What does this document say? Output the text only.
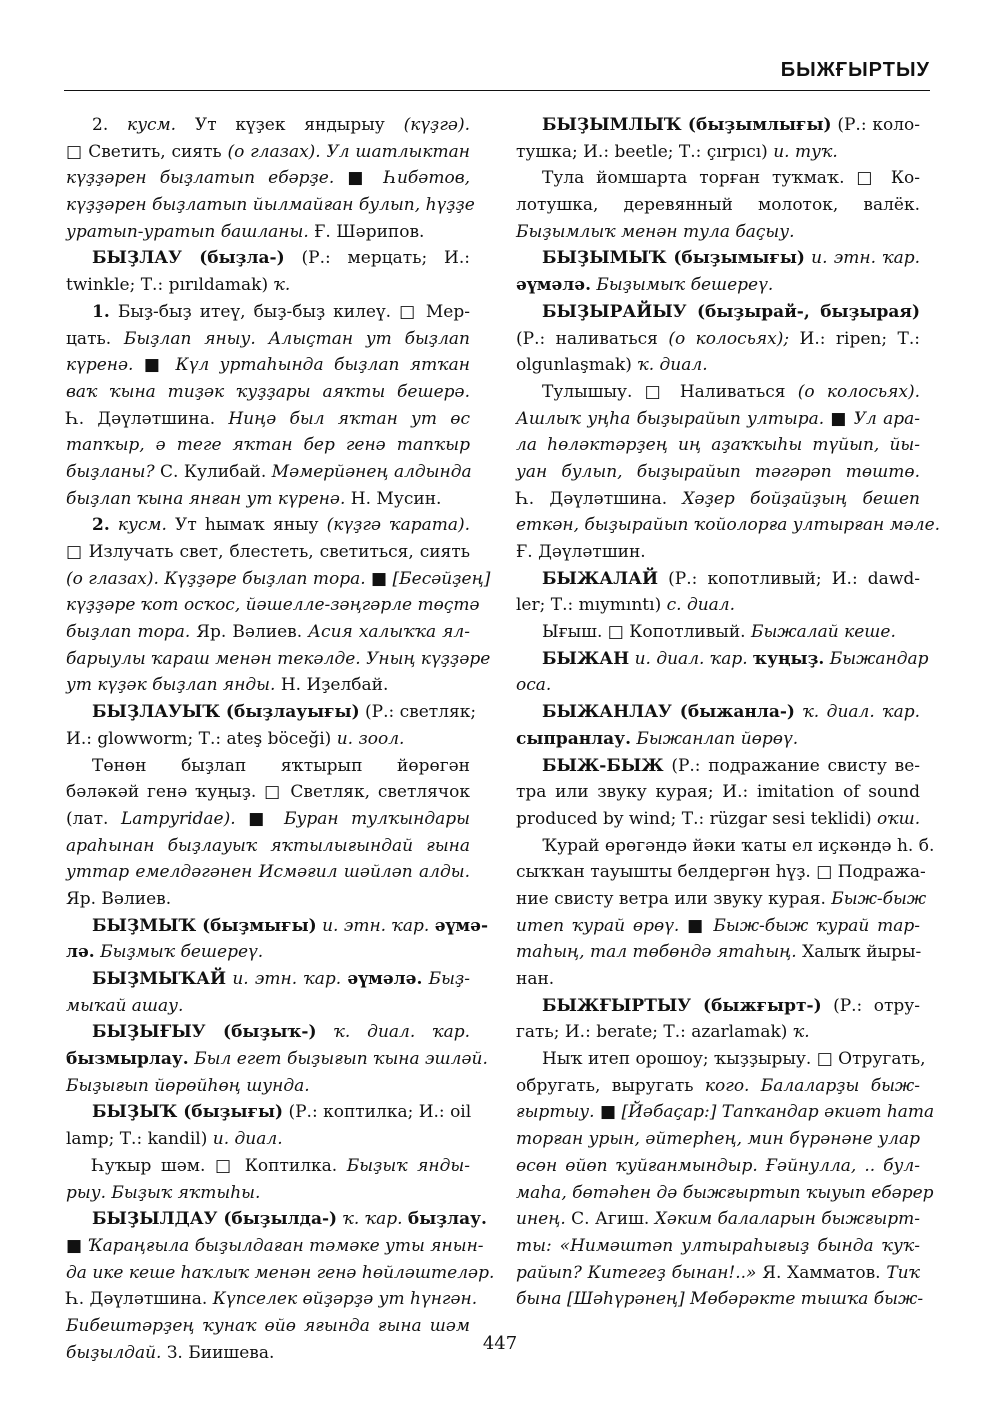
БЫЖҒЫРТЫУ
2. кусм. Ут күҙек яндырыу (күҙгә).
□ Светить, сиять (о глазах). Ул шатлыктан
күҙҙәрен быҙлатып ебәрҙе. ■ Һибәтов,
күҙҙәрен быҙлатып йылмайған булып, һүҙҙе
уратып-уратып башланы. Ғ. Шәрипов.
БЫҘЛАУ (быҙла-) (Р.: мерцать; И.:
twinkle; Т.: pırıldamak) ҡ.
1. Быҙ-быҙ итеү, быҙ-быҙ килеү. □ Мер-
цать. Быҙлап яныу. Алыҫтан ут быҙлап
күренә. ■ Күл уртаһында быҙлап ятҡан
ваҡ ҡына тиҙәк ҡуҙҙары аяҡты бешерә.
Һ. Дәүләтшина. Ниңә был яҡтан ут өс
тапҡыр, ә теге яҡтан бер генә тапҡыр
быҙланы? С. Кулибай. Мәмерйәнең алдында
быҙлап ҡына янған ут күренә. Н. Мусин.
2. кусм. Ут һымаҡ яныу (күҙгә ҡарата).
□ Излучать свет, блестеть, светиться, сиять
(о глазах). Күҙҙәре быҙлап тора. ■ [Бесәйҙең]
күҙҙәре ҡот осҡос, йәшелле-зәңгәрле төҫтә
быҙлап тора. Яр. Вәлиев. Асия халыҡҡа ял-
барыулы ҡараш менән текәлде. Уның күҙҙәре
ут күҙәк быҙлап янды. Н. Иҙелбай.
БЫҘЛАУЫҠ (быҙлауығы) (Р.: светляк;
И.: glowworm; Т.: ateş böceği) и. зоол.
Төнөн быҙлап яҡтырып йөрөгән
бәләкәй генә ҡуңыҙ. □ Светляк, светлячок
(лат. Lampyridae). ■ Буран тулҡындары
араһынан быҙлауыҡ яҡтылығындай ғына
уттар емелдәгәнен Исмәғил шәйләп алды.
Яр. Вәлиев.
БЫҘМЫҠ (быҙмығы) и. этн. ҡар. әүмә-
лә. Быҙмыҡ бешереү.
БЫҘМЫҠАЙ и. этн. ҡар. әүмәлә. Быҙ-
мыҡай ашау.
БЫҘЫҒЫУ (быҙыҡ-) ҡ. диал. ҡар.
бызмырлау. Был егет быҙығып ҡына эшләй.
Быҙығып йөрөйһөң шунда.
БЫҘЫҠ (быҙығы) (Р.: коптилка; И.: oil
lamp; Т.: kandil) и. диал.
Һуҡыр шәм. □ Коптилка. Быҙыҡ янды-
рыу. Быҙыҡ яҡтыһы.
БЫҘЫЛДАУ (быҙылда-) ҡ. ҡар. быҙлау.
■ Ҡараңғыла быҙылдаған тәмәке уты янын-
да ике кеше һаҡлыҡ менән генә һөйләштеләр.
Һ. Дәүләтшина. Күпселек өйҙәрҙә ут һүнгән.
Бибештәрҙең ҡунаҡ өйө яғында ғына шәм
быҙылдай. З. Биишева.
БЫҘЫМЛЫҠ (быҙымлығы) (Р.: коло-
тушка; И.: beetle; Т.: çırpıcı) и. туҡ.
Тула йомшарта торған туҡмаҡ. □ Ко-
лотушка, деревянный молоток, валёк.
Быҙымлыҡ менән тула баҫыу.
БЫҘЫМЫҠ (быҙымығы) и. этн. ҡар.
әүмәлә. Быҙымыҡ бешереү.
БЫҘЫРАЙЫУ (быҙырай-, быҙырая)
(Р.: наливаться (о колосьях); И.: ripen; Т.:
olgunlaşmak) ҡ. диал.
Тулышыу. □ Наливаться (о колосьях).
Ашлыҡ уңһа быҙырайып ултыра. ■ Ул ара-
ла һөләктәрҙең иң аҙаҡҡыһы түйып, йы-
уан булып, быҙырайып тәгәрәп төштө.
Һ. Дәүләтшина. Хәҙер бойҙайҙың бешеп
еткән, быҙырайып ҡойолорға ултырған мәле.
Ғ. Дәүләтшин.
БЫЖАЛАЙ (Р.: копотливый; И.: dawd-
ler; Т.: mıymıntı) с. диал.
Ығыш. □ Копотливый. Быжалай кеше.
БЫЖАН и. диал. ҡар. ҡуңыҙ. Быжандар
оса.
БЫЖАНЛАУ (быжанла-) ҡ. диал. ҡар.
сыпранлау. Быжанлап йөрөү.
БЫЖ-БЫЖ (Р.: подражание свисту ве-
тра или звуку курая; И.: imitation of sound
produced by wind; Т.: rüzgar sesi teklidi) оҡш.
Ҡурай өрөгәндә йәки ҡаты ел иҫкәндә һ. б.
сыҡҡан тауышты белдергән һүҙ. □ Подража-
ние свисту ветра или звуку курая. Быж-быж
итеп ҡурай өрөү. ■ Быж-быж ҡурай тар-
таһың, тал төбөндә ятаһың. Халыҡ йыры-
нан.
БЫЖҒЫРТЫУ (быжғырт-) (Р.: отру-
гать; И.: berate; Т.: azarlamak) ҡ.
Ныҡ итеп орошоу; ҡыҙҙырыу. □ Отругать,
обругать, выругать кого. Балаларҙы быж-
ғыртыу. ■ [Йәбаҫар:] Тапҡандар әкиәт һата
торған урын, әйтерһең, мин бүрәнәне улар
өсөн өйөп ҡуйғанмындыр. Ғәйнулла, .. бул-
маһа, бөтәһен дә быжғыртып ҡыуып ебәрер
инең. С. Агиш. Хәким балаларын быжғырт-
ты: «Нимәштәп ултыраһығыҙ бында ҡуҡ-
райып? Китегеҙ бынан!..» Я. Хамматов. Тиҡ
бына [Шәһүрәнең] Мөбәрәкте тышҡа быж-
447
